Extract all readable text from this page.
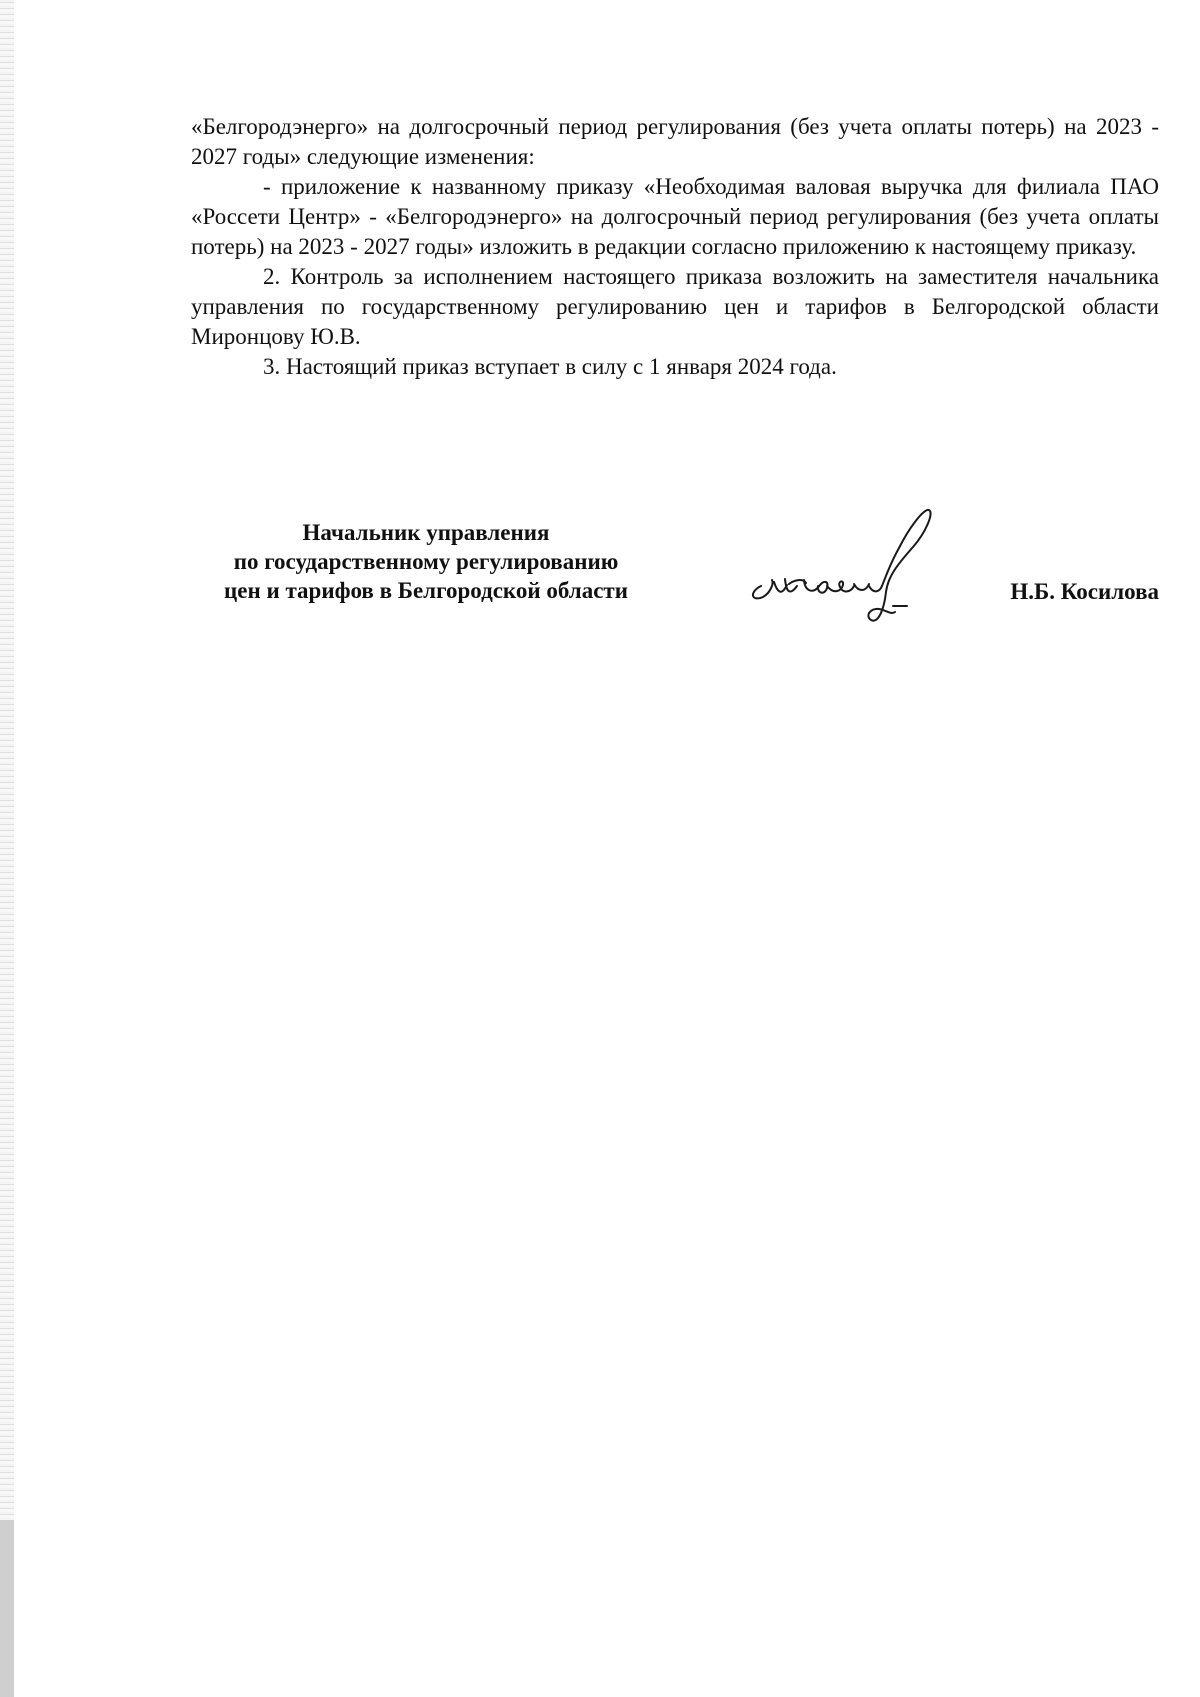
«Белгородэнерго» на долгосрочный период регулирования (без учета оплаты потерь) на 2023 - 2027 годы» следующие изменения:

- приложение к названному приказу «Необходимая валовая выручка для филиала ПАО «Россети Центр» - «Белгородэнерго» на долгосрочный период регулирования (без учета оплаты потерь) на 2023 - 2027 годы» изложить в редакции согласно приложению к настоящему приказу.

2. Контроль за исполнением настоящего приказа возложить на заместителя начальника управления по государственному регулированию цен и тарифов в Белгородской области Миронцову Ю.В.

3. Настоящий приказ вступает в силу с 1 января 2024 года.

Начальник управления
по государственному регулированию
цен и тарифов в Белгородской области	Н.Б. Косилова
